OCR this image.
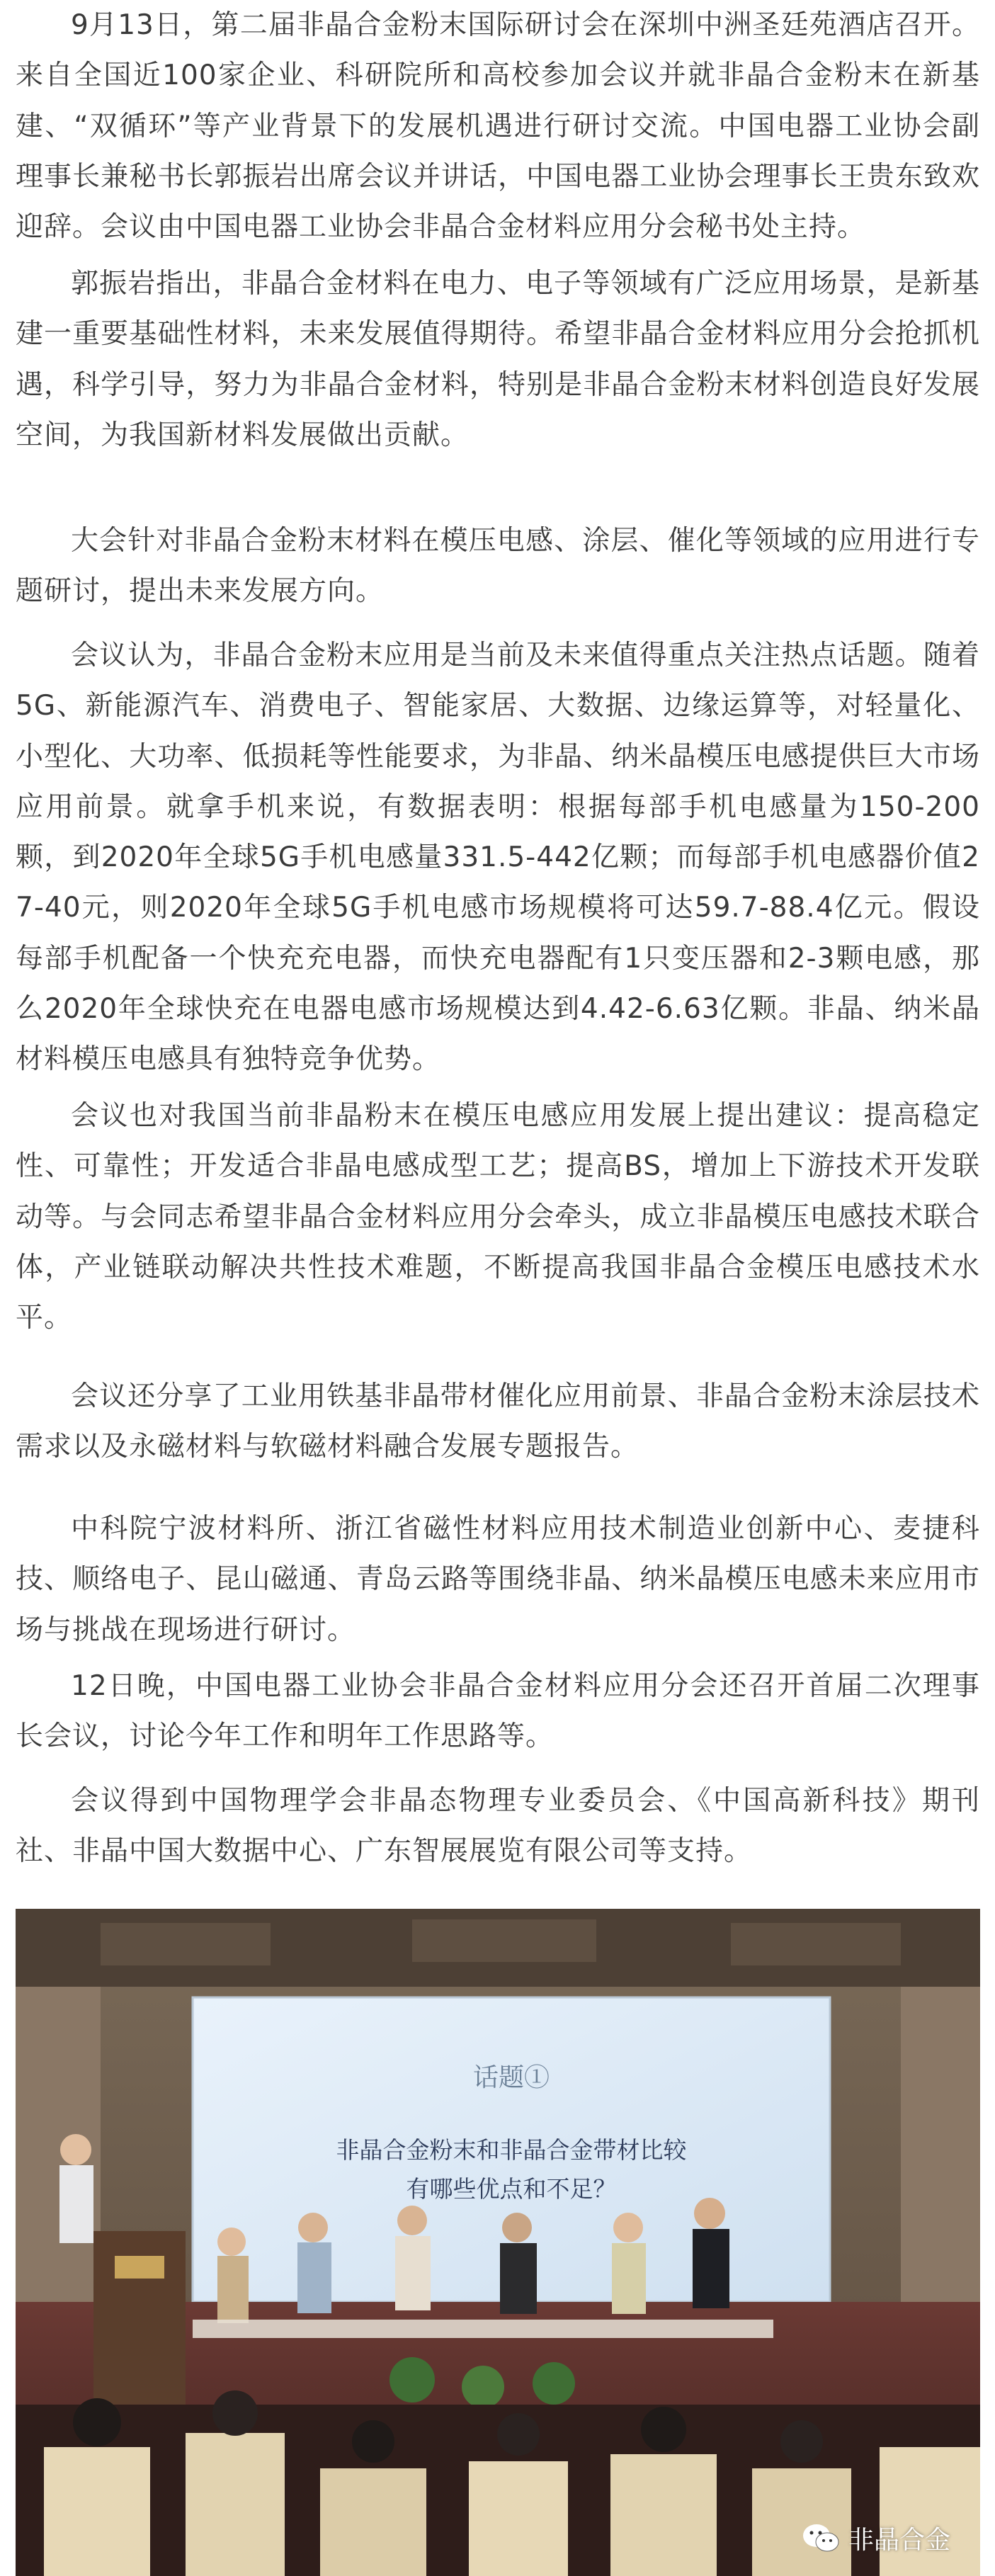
9月13日，第二届非晶合金粉末国际研讨会在深圳中洲圣廷苑酒店召开。来自全国近100家企业、科研院所和高校参加会议并就非晶合金粉末在新基建、“双循环”等产业背景下的发展机遇进行研讨交流。中国电器工业协会副理事长兼秘书长郭振岩出席会议并讲话，中国电器工业协会理事长王贵东致欢迎辞。会议由中国电器工业协会非晶合金材料应用分会秘书处主持。

郭振岩指出，非晶合金材料在电力、电子等领域有广泛应用场景，是新基建一重要基础性材料，未来发展值得期待。希望非晶合金材料应用分会抢抓机遇，科学引导，努力为非晶合金材料，特别是非晶合金粉末材料创造良好发展空间，为我国新材料发展做出贡献。

大会针对非晶合金粉末材料在模压电感、涂层、催化等领域的应用进行专题研讨，提出未来发展方向。

会议认为，非晶合金粉末应用是当前及未来值得重点关注热点话题。随着5G、新能源汽车、消费电子、智能家居、大数据、边缘运算等，对轻量化、小型化、大功率、低损耗等性能要求，为非晶、纳米晶模压电感提供巨大市场应用前景。就拿手机来说，有数据表明：根据每部手机电感量为150-200颗，到2020年全球5G手机电感量331.5-442亿颗；而每部手机电感器价值27-40元，则2020年全球5G手机电感市场规模将可达59.7-88.4亿元。假设每部手机配备一个快充充电器，而快充电器配有1只变压器和2-3颗电感，那么2020年全球快充在电器电感市场规模达到4.42-6.63亿颗。非晶、纳米晶材料模压电感具有独特竞争优势。

会议也对我国当前非晶粉末在模压电感应用发展上提出建议：提高稳定性、可靠性；开发适合非晶电感成型工艺；提高BS，增加上下游技术开发联动等。与会同志希望非晶合金材料应用分会牵头，成立非晶模压电感技术联合体，产业链联动解决共性技术难题，不断提高我国非晶合金模压电感技术水平。

会议还分享了工业用铁基非晶带材催化应用前景、非晶合金粉末涂层技术需求以及永磁材料与软磁材料融合发展专题报告。

中科院宁波材料所、浙江省磁性材料应用技术制造业创新中心、麦捷科技、顺络电子、昆山磁通、青岛云路等围绕非晶、纳米晶模压电感未来应用市场与挑战在现场进行研讨。

12日晚，中国电器工业协会非晶合金材料应用分会还召开首届二次理事长会议，讨论今年工作和明年工作思路等。

会议得到中国物理学会非晶态物理专业委员会、《中国高新科技》期刊社、非晶中国大数据中心、广东智展展览有限公司等支持。

话题①
非晶合金粉末和非晶合金带材比较
有哪些优点和不足？
非晶合金
